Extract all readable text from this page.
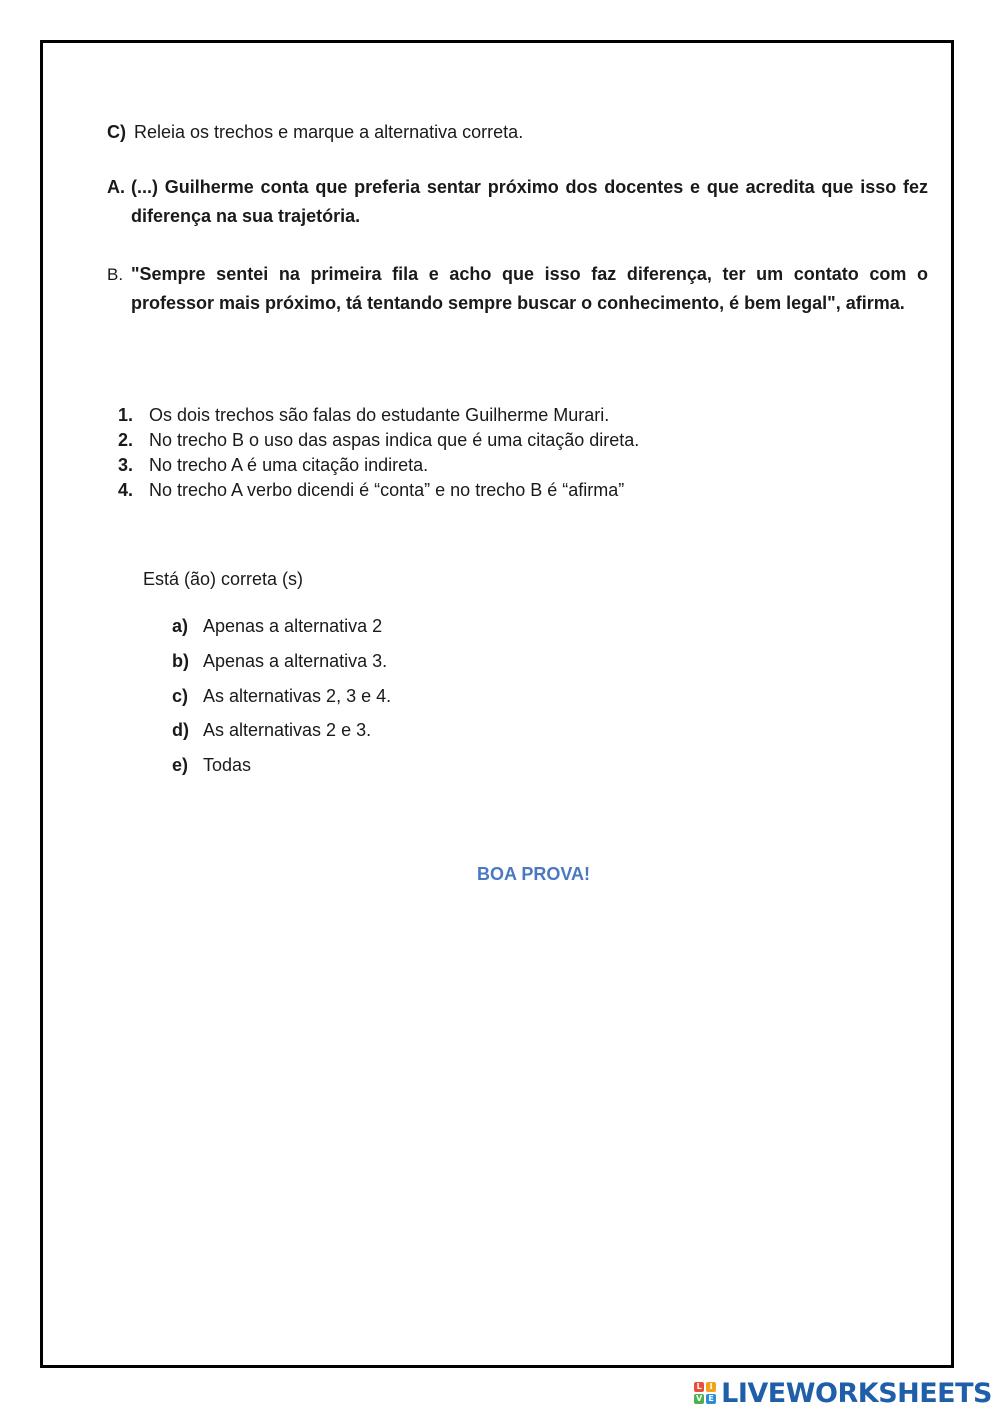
C) Releia os trechos e marque a alternativa correta.
A. (...) Guilherme conta que preferia sentar próximo dos docentes e que acredita que isso fez diferença na sua trajetória.
B. "Sempre sentei na primeira fila e acho que isso faz diferença, ter um contato com o professor mais próximo, tá tentando sempre buscar o conhecimento, é bem legal", afirma.
1. Os dois trechos são falas do estudante Guilherme Murari.
2. No trecho B o uso das aspas indica que é uma citação direta.
3. No trecho A é uma citação indireta.
4. No trecho A verbo dicendi é “conta” e no trecho B é “afirma”
Está (ão) correta (s)
a) Apenas a alternativa 2
b) Apenas a alternativa 3.
c) As alternativas 2, 3 e 4.
d) As alternativas 2 e 3.
e) Todas
BOA PROVA!
L I
V E LIVEWORKSHEETS
